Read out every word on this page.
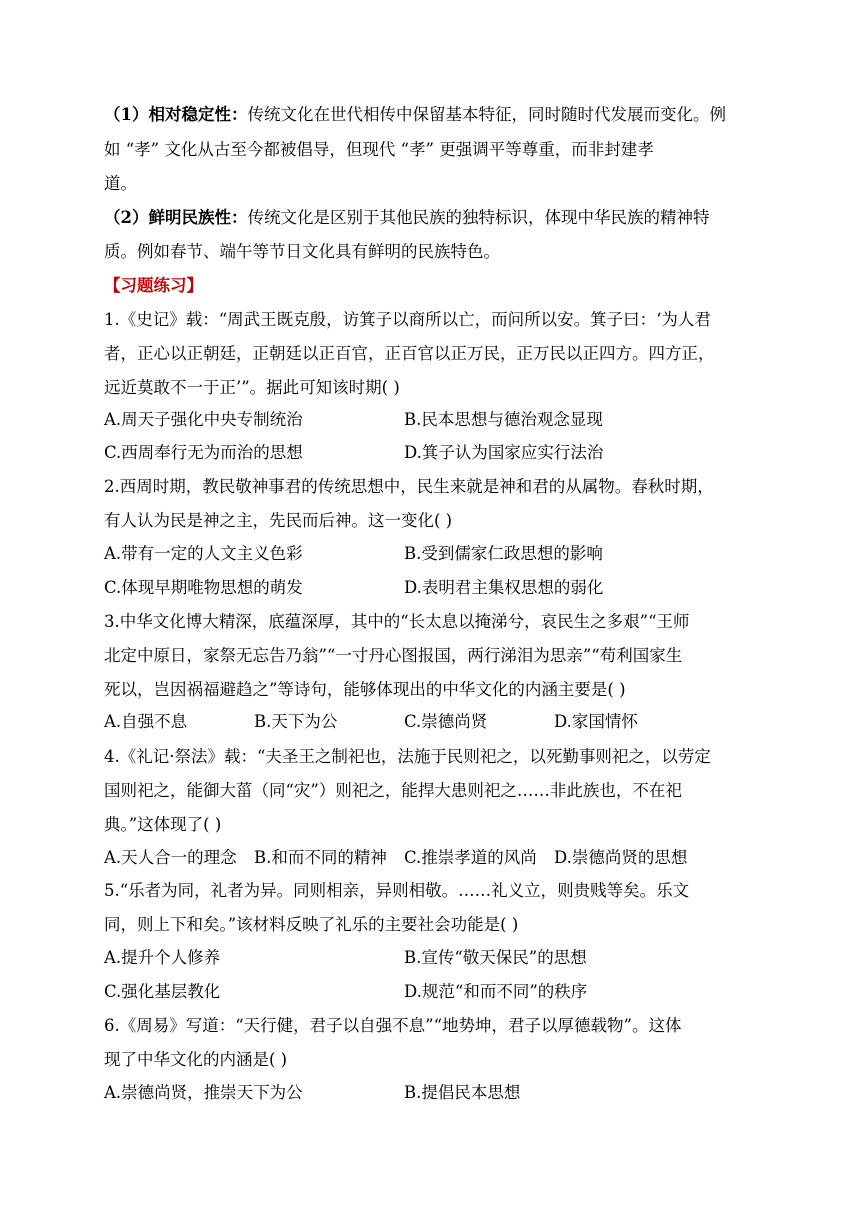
（1）相对稳定性：传统文化在世代相传中保留基本特征，同时随时代发展而变化。例
如 “孝” 文化从古至今都被倡导，但现代 “孝” 更强调平等尊重，而非封建孝
道。
（2）鲜明民族性：传统文化是区别于其他民族的独特标识，体现中华民族的精神特
质。例如春节、端午等节日文化具有鲜明的民族特色。
【习题练习】
1.《史记》载：“周武王既克殷，访箕子以商所以亡，而问所以安。箕子曰：‘为人君
者，正心以正朝廷，正朝廷以正百官，正百官以正万民，正万民以正四方。四方正，
远近莫敢不一于正’”。据此可知该时期( )
A.周天子强化中央专制统治	B.民本思想与德治观念显现
C.西周奉行无为而治的思想	D.箕子认为国家应实行法治
2.西周时期，教民敬神事君的传统思想中，民生来就是神和君的从属物。春秋时期，
有人认为民是神之主，先民而后神。这一变化( )
A.带有一定的人文主义色彩	B.受到儒家仁政思想的影响
C.体现早期唯物思想的萌发	D.表明君主集权思想的弱化
3.中华文化博大精深，底蕴深厚，其中的“长太息以掩涕兮，哀民生之多艰”“王师
北定中原日，家祭无忘告乃翁”“一寸丹心图报国，两行涕泪为思亲”“苟利国家生
死以，岂因祸福避趋之”等诗句，能够体现出的中华文化的内涵主要是( )
A.自强不息	B.天下为公	C.崇德尚贤	D.家国情怀
4.《礼记·祭法》载：“夫圣王之制祀也，法施于民则祀之，以死勤事则祀之，以劳定
国则祀之，能御大菑（同“灾”）则祀之，能捍大患则祀之……非此族也，不在祀
典。”这体现了( )
A.天人合一的理念 B.和而不同的精神 C.推崇孝道的风尚 D.崇德尚贤的思想
5.“乐者为同，礼者为异。同则相亲，异则相敬。……礼义立，则贵贱等矣。乐文
同，则上下和矣。”该材料反映了礼乐的主要社会功能是( )
A.提升个人修养	B.宣传“敬天保民”的思想
C.强化基层教化	D.规范“和而不同”的秩序
6.《周易》写道：“天行健，君子以自强不息”“地势坤，君子以厚德载物”。这体
现了中华文化的内涵是( )
A.崇德尚贤，推崇天下为公	B.提倡民本思想
